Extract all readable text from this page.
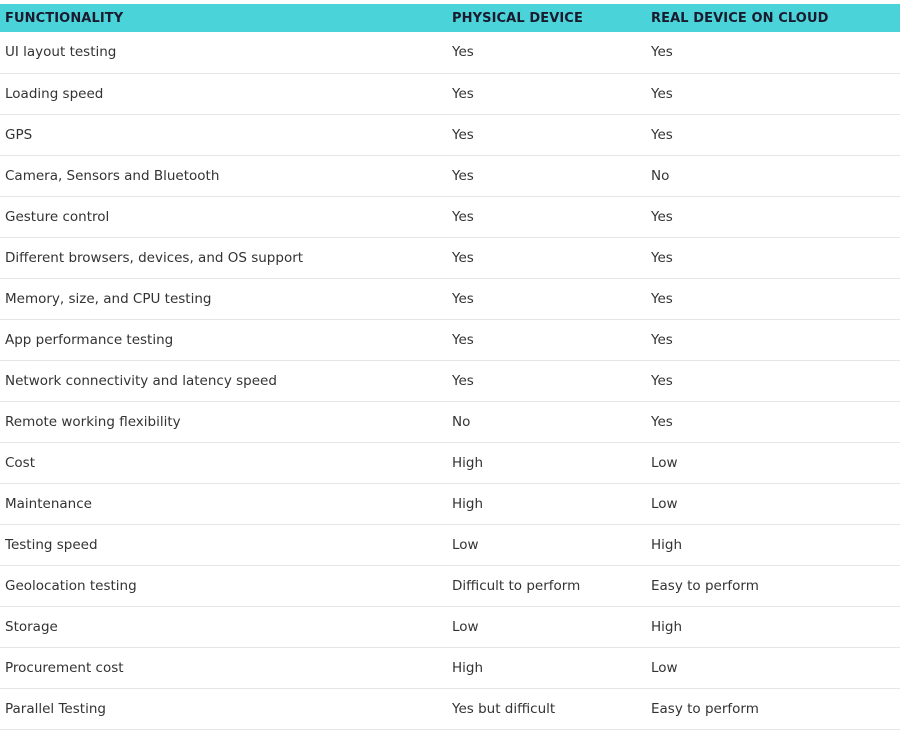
FUNCTIONALITY	PHYSICAL DEVICE	REAL DEVICE ON CLOUD
UI layout testing	Yes	Yes
Loading speed	Yes	Yes
GPS	Yes	Yes
Camera, Sensors and Bluetooth	Yes	No
Gesture control	Yes	Yes
Different browsers, devices, and OS support	Yes	Yes
Memory, size, and CPU testing	Yes	Yes
App performance testing	Yes	Yes
Network connectivity and latency speed	Yes	Yes
Remote working flexibility	No	Yes
Cost	High	Low
Maintenance	High	Low
Testing speed	Low	High
Geolocation testing	Difficult to perform	Easy to perform
Storage	Low	High
Procurement cost	High	Low
Parallel Testing	Yes but difficult	Easy to perform
